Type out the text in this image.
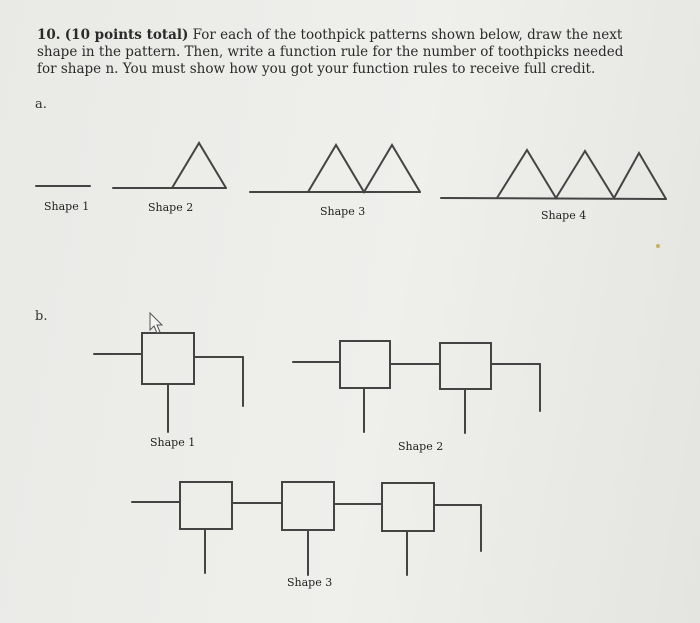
10. (10 points total) For each of the toothpick patterns shown below, draw the next shape in the pattern. Then, write a function rule for the number of toothpicks needed for shape n. You must show how you got your function rules to receive full credit.
a.
b.
Shape 1	Shape 2	Shape 3	Shape 4
Shape 1	Shape 2
Shape 3
